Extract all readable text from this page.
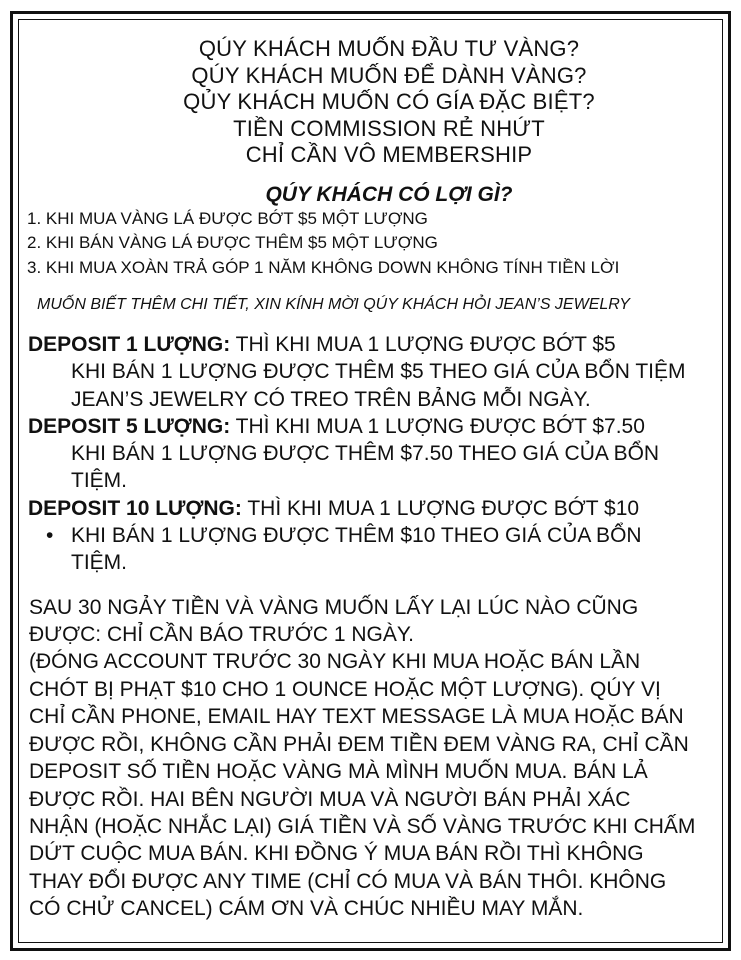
QÚY KHÁCH MUỐN ĐẦU TƯ VÀNG?
QÚY KHÁCH MUỐN ĐỂ DÀNH VÀNG?
QỦY KHÁCH MUỐN CÓ GÍA ĐẶC BIỆT?
TIỀN COMMISSION RẺ NHỨT
CHỈ CẦN VÔ MEMBERSHIP
QÚY KHÁCH CÓ LỢI GÌ?
1. KHI MUA VÀNG LÁ ĐƯỢC BỚT $5 MỘT LƯỢNG
2. KHI BÁN VÀNG LÁ ĐƯỢC THÊM $5 MỘT LƯỢNG
3. KHI MUA XOÀN TRẢ GÓP 1 NĂM KHÔNG DOWN KHÔNG TÍNH TIỀN LỜI
MUỐN BIẾT THÊM CHI TIẾT, XIN KÍNH MỜI QÚY KHÁCH HỎI JEAN’S JEWELRY
DEPOSIT 1 LƯỢNG: THÌ KHI MUA 1 LƯỢNG ĐƯỢC BỚT $5
KHI BÁN 1 LƯỢNG ĐƯỢC THÊM $5 THEO GIÁ CỦA BỔN TIỆM
JEAN’S JEWELRY CÓ TREO TRÊN BẢNG MỖI NGÀY.
DEPOSIT 5 LƯỢNG: THÌ KHI MUA 1 LƯỢNG ĐƯỢC BỚT $7.50
KHI BÁN 1 LƯỢNG ĐƯỢC THÊM $7.50 THEO GIÁ CỦA BỔN
TIỆM.
DEPOSIT 10 LƯỢNG: THÌ KHI MUA 1 LƯỢNG ĐƯỢC BỚT $10
• KHI BÁN 1 LƯỢNG ĐƯỢC THÊM $10 THEO GIÁ CỦA BỔN
TIỆM.
SAU 30 NGẢY TIỀN VÀ VÀNG MUỐN LẤY LẠI LÚC NÀO CŨNG
ĐƯỢC: CHỈ CẦN BÁO TRƯỚC 1 NGÀY.
(ĐÓNG ACCOUNT TRƯỚC 30 NGÀY KHI MUA HOẶC BÁN LẦN
CHÓT BỊ PHẠT $10 CHO 1 OUNCE HOẶC MỘT LƯỢNG). QÚY VỊ
CHỈ CẦN PHONE, EMAIL HAY TEXT MESSAGE LÀ MUA HOẶC BÁN
ĐƯỢC RỒI, KHÔNG CẦN PHẢI ĐEM TIỀN ĐEM VÀNG RA, CHỈ CẦN
DEPOSIT SỐ TIỀN HOẶC VÀNG MÀ MÌNH MUỐN MUA. BÁN LẢ
ĐƯỢC RỒI. HAI BÊN NGƯỜI MUA VÀ NGƯỜI BÁN PHẢI XÁC
NHẬN (HOẶC NHẮC LẠI) GIÁ TIỀN VÀ SỐ VÀNG TRƯỚC KHI CHẤM
DỨT CUỘC MUA BÁN. KHI ĐỒNG Ý MUA BÁN RỒI THÌ KHÔNG
THAY ĐỔI ĐƯỢC ANY TIME (CHỈ CÓ MUA VÀ BÁN THÔI. KHÔNG
CÓ CHỬ CANCEL) CÁM ƠN VÀ CHÚC NHIỀU MAY MẮN.
